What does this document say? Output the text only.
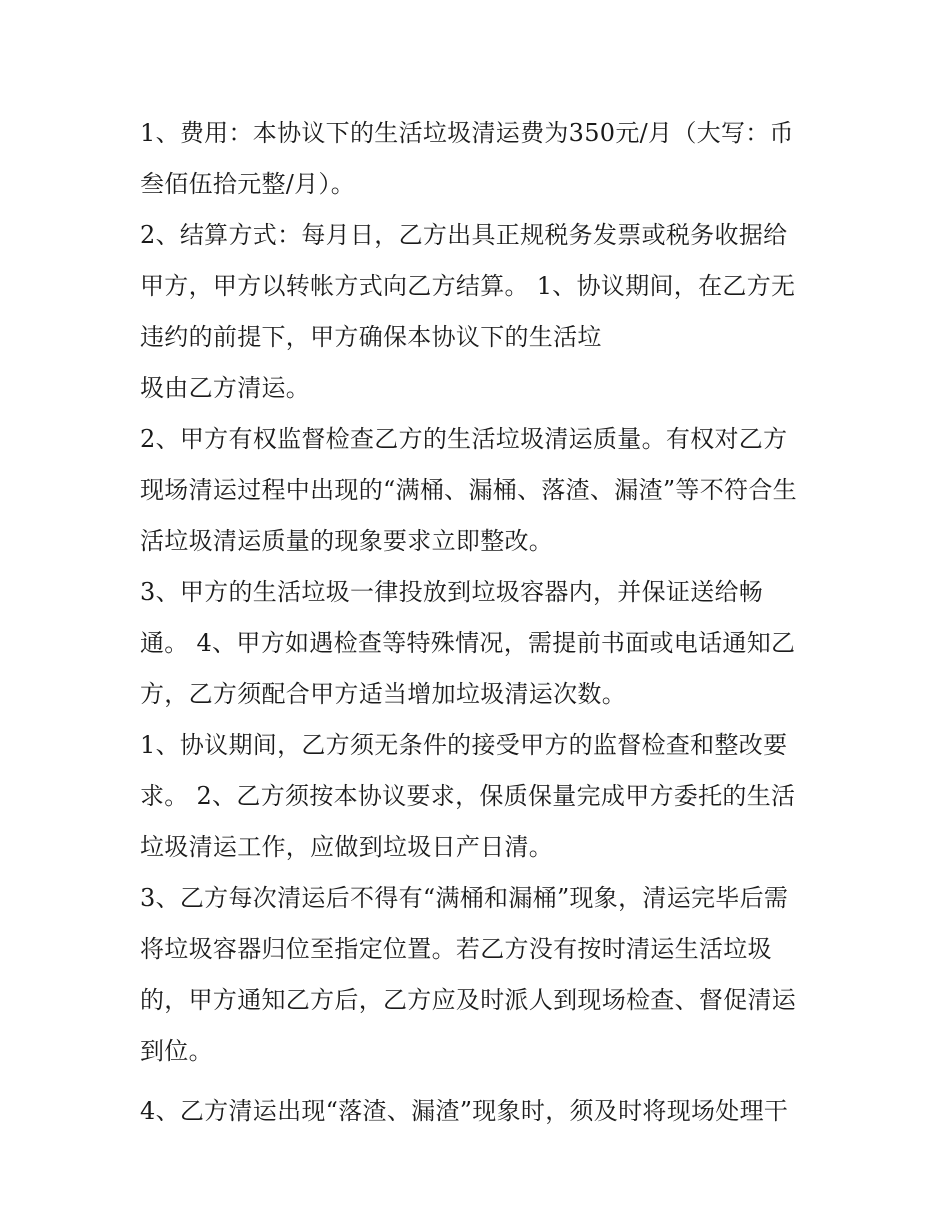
1、费用：本协议下的生活垃圾清运费为350元/月（大写：币
叁佰伍拾元整/月）。
2、结算方式：每月日，乙方出具正规税务发票或税务收据给
甲方，甲方以转帐方式向乙方结算。 1、协议期间，在乙方无
违约的前提下，甲方确保本协议下的生活垃
圾由乙方清运。
2、甲方有权监督检查乙方的生活垃圾清运质量。有权对乙方
现场清运过程中出现的“满桶、漏桶、落渣、漏渣”等不符合生
活垃圾清运质量的现象要求立即整改。
3、甲方的生活垃圾一律投放到垃圾容器内，并保证送给畅
通。 4、甲方如遇检查等特殊情况，需提前书面或电话通知乙
方，乙方须配合甲方适当增加垃圾清运次数。
1、协议期间，乙方须无条件的接受甲方的监督检查和整改要
求。 2、乙方须按本协议要求，保质保量完成甲方委托的生活
垃圾清运工作，应做到垃圾日产日清。
3、乙方每次清运后不得有“满桶和漏桶”现象，清运完毕后需
将垃圾容器归位至指定位置。若乙方没有按时清运生活垃圾
的，甲方通知乙方后，乙方应及时派人到现场检查、督促清运
到位。
4、乙方清运出现“落渣、漏渣”现象时，须及时将现场处理干
